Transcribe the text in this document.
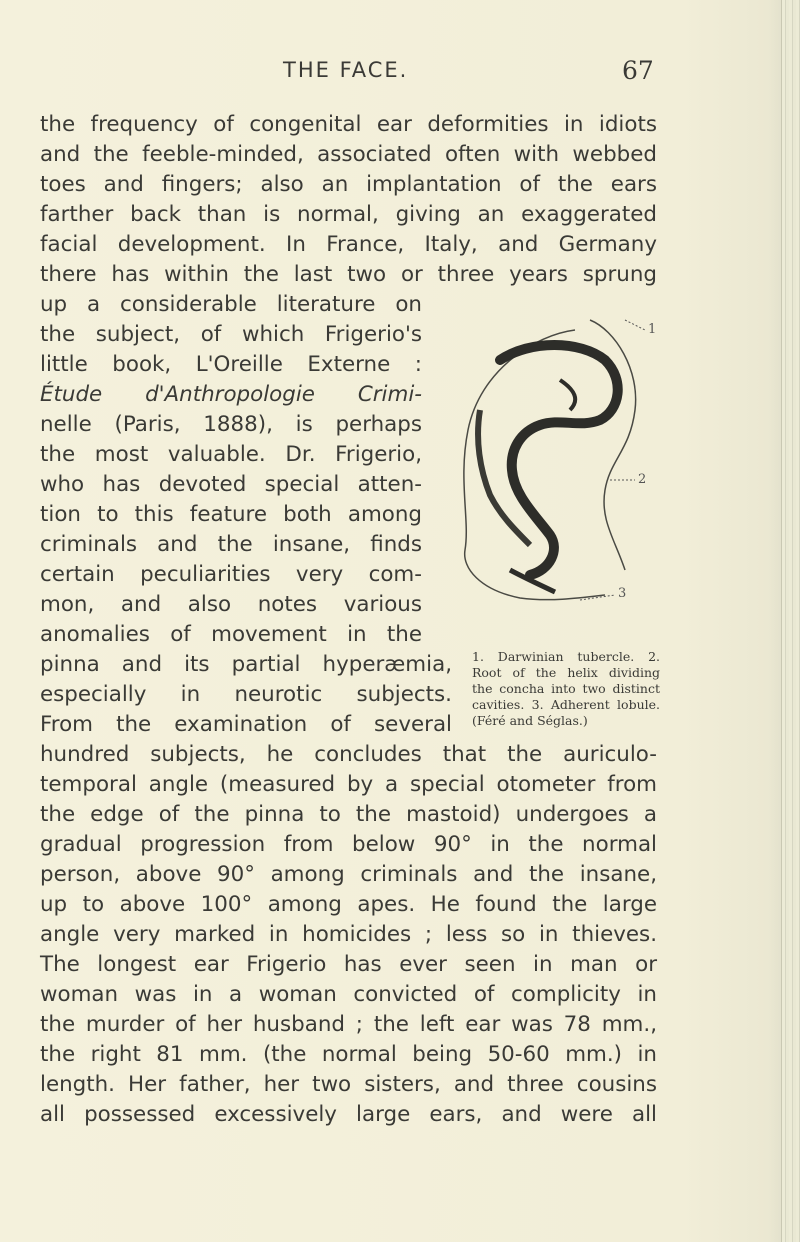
THE FACE.	67
the frequency of congenital ear deformities in idiots
and the feeble-minded, associated often with webbed
toes and fingers; also an implantation of the ears
farther back than is normal, giving an exaggerated
facial development. In France, Italy, and Germany
there has within the last two or three years sprung
up a considerable literature on
the subject, of which Frigerio's
little book, L'Oreille Externe :
Étude d'Anthropologie Crimi-
nelle (Paris, 1888), is perhaps
the most valuable. Dr. Frigerio,
who has devoted special atten-
tion to this feature both among
criminals and the insane, finds
certain peculiarities very com-
mon, and also notes various
anomalies of movement in the
pinna and its partial hyperæmia,
especially in neurotic subjects.
From the examination of several
hundred subjects, he concludes that the auriculo-
temporal angle (measured by a special otometer from
the edge of the pinna to the mastoid) undergoes a
gradual progression from below 90° in the normal
person, above 90° among criminals and the insane,
up to above 100° among apes. He found the large
angle very marked in homicides ; less so in thieves.
The longest ear Frigerio has ever seen in man or
woman was in a woman convicted of complicity in
the murder of her husband ; the left ear was 78 mm.,
the right 81 mm. (the normal being 50-60 mm.) in
length. Her father, her two sisters, and three cousins
all possessed excessively large ears, and were all
1
2
3
1. Darwinian tubercle. 2.
Root of the helix dividing
the concha into two distinct
cavities. 3. Adherent lobule.
(Féré and Séglas.)
